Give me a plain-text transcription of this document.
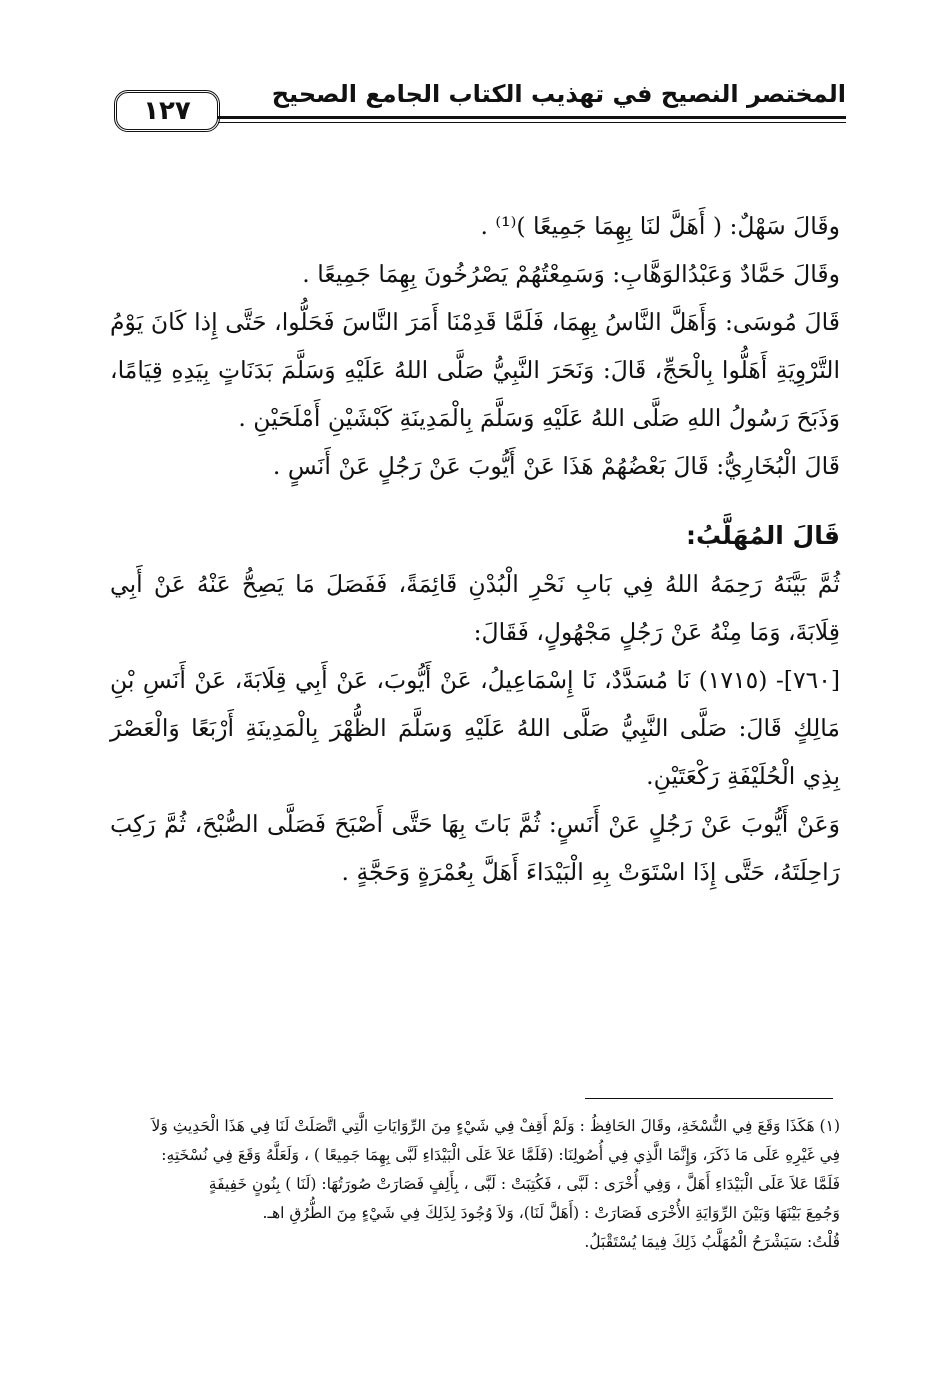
المختصر النصيح في تهذيب الكتاب الجامع الصحيح
١٢٧

وقَالَ سَهْلٌ: ( أَهَلَّ لنَا بِهِمَا جَمِيعًا )⁽¹⁾ .

وقَالَ حَمَّادٌ وَعَبْدُالوَهَّابِ: وَسَمِعْتُهُمْ يَصْرُخُونَ بِهِمَا جَمِيعًا .

قَالَ مُوسَى: وَأَهَلَّ النَّاسُ بِهِمَا، فَلَمَّا قَدِمْنَا أَمَرَ النَّاسَ فَحَلُّوا، حَتَّى إِذا كَانَ يَوْمُ التَّرْوِيَةِ أَهَلُّوا بِالْحَجِّ، قَالَ: وَنَحَرَ النَّبِيُّ صَلَّى اللهُ عَلَيْهِ وَسَلَّمَ بَدَنَاتٍ بِيَدِهِ قِيَامًا، وَذَبَحَ رَسُولُ اللهِ صَلَّى اللهُ عَلَيْهِ وَسَلَّمَ بِالْمَدِينَةِ كَبْشَيْنِ أَمْلَحَيْنِ .

قَالَ الْبُخَارِيُّ: قَالَ بَعْضُهُمْ هَذَا عَنْ أَيُّوبَ عَنْ رَجُلٍ عَنْ أَنَسٍ .

قَالَ المُهَلَّبُ:

ثُمَّ بَيَّنَهُ رَحِمَهُ اللهُ فِي بَابِ نَحْرِ الْبُدْنِ قَائِمَةً، فَفَصَلَ مَا يَصِحُّ عَنْهُ عَنْ أَبِي قِلَابَةَ، وَمَا مِنْهُ عَنْ رَجُلٍ مَجْهُولٍ، فَقَالَ:

[٧٦٠]- (١٧١٥) نَا مُسَدَّدٌ، نَا إِسْمَاعِيلُ، عَنْ أَيُّوبَ، عَنْ أَبِي قِلَابَةَ، عَنْ أَنَسِ بْنِ مَالِكٍ قَالَ: صَلَّى النَّبِيُّ صَلَّى اللهُ عَلَيْهِ وَسَلَّمَ الظُّهْرَ بِالْمَدِينَةِ أَرْبَعًا وَالْعَصْرَ بِذِي الْحُلَيْفَةِ رَكْعَتَيْنِ.

وَعَنْ أَيُّوبَ عَنْ رَجُلٍ عَنْ أَنَسٍ: ثُمَّ بَاتَ بِهَا حَتَّى أَصْبَحَ فَصَلَّى الصُّبْحَ، ثُمَّ رَكِبَ رَاحِلَتَهُ، حَتَّى إِذَا اسْتَوَتْ بِهِ الْبَيْدَاءَ أَهَلَّ بِعُمْرَةٍ وَحَجَّةٍ .

(١) هَكَذَا وَقَعَ فِي النُّسْخَةِ، وقَالَ الحَافِظُ : وَلَمْ أَقِفْ فِي شَيْءٍ مِنَ الرِّوَايَاتِ الَّتِي اتَّصَلَتْ لَنَا فِي هَذَا الْحَدِيثِ وَلاَ

فِي غَيْرِهِ عَلَى مَا ذَكَرَ، وَإِنَّمَا الَّذِي فِي أُصُولِنَا: (فَلَمَّا عَلاَ عَلَى الْبَيْدَاءِ لَبَّى بِهِمَا جَمِيعًا ) ، وَلَعَلَّهُ وَقَعَ فِي نُسْخَتِهِ:

فَلَمَّا عَلاَ عَلَى الْبَيْدَاءِ أَهَلَّ ، وَفِي أُخْرَى : لَبَّى ، فَكُتِبَتْ : لَبَّى ، بِأَلِفٍ فَصَارَتْ صُورَتُهَا: (لَنَا ) بِنُونٍ خَفِيفَةٍ

وَجُمِعَ بَيْنَهَا وَبَيْنَ الرِّوَايَةِ الأُخْرَى فَصَارَتْ : (أَهَلَّ لَنَا)، وَلاَ وُجُودَ لِذَلِكَ فِي شَيْءٍ مِنَ الطُّرُقِ اهـ.

قُلْتُ: سَيَشْرَحُ الْمُهَلَّبُ ذَلِكَ فِيمَا يُسْتَقْبَلُ.
